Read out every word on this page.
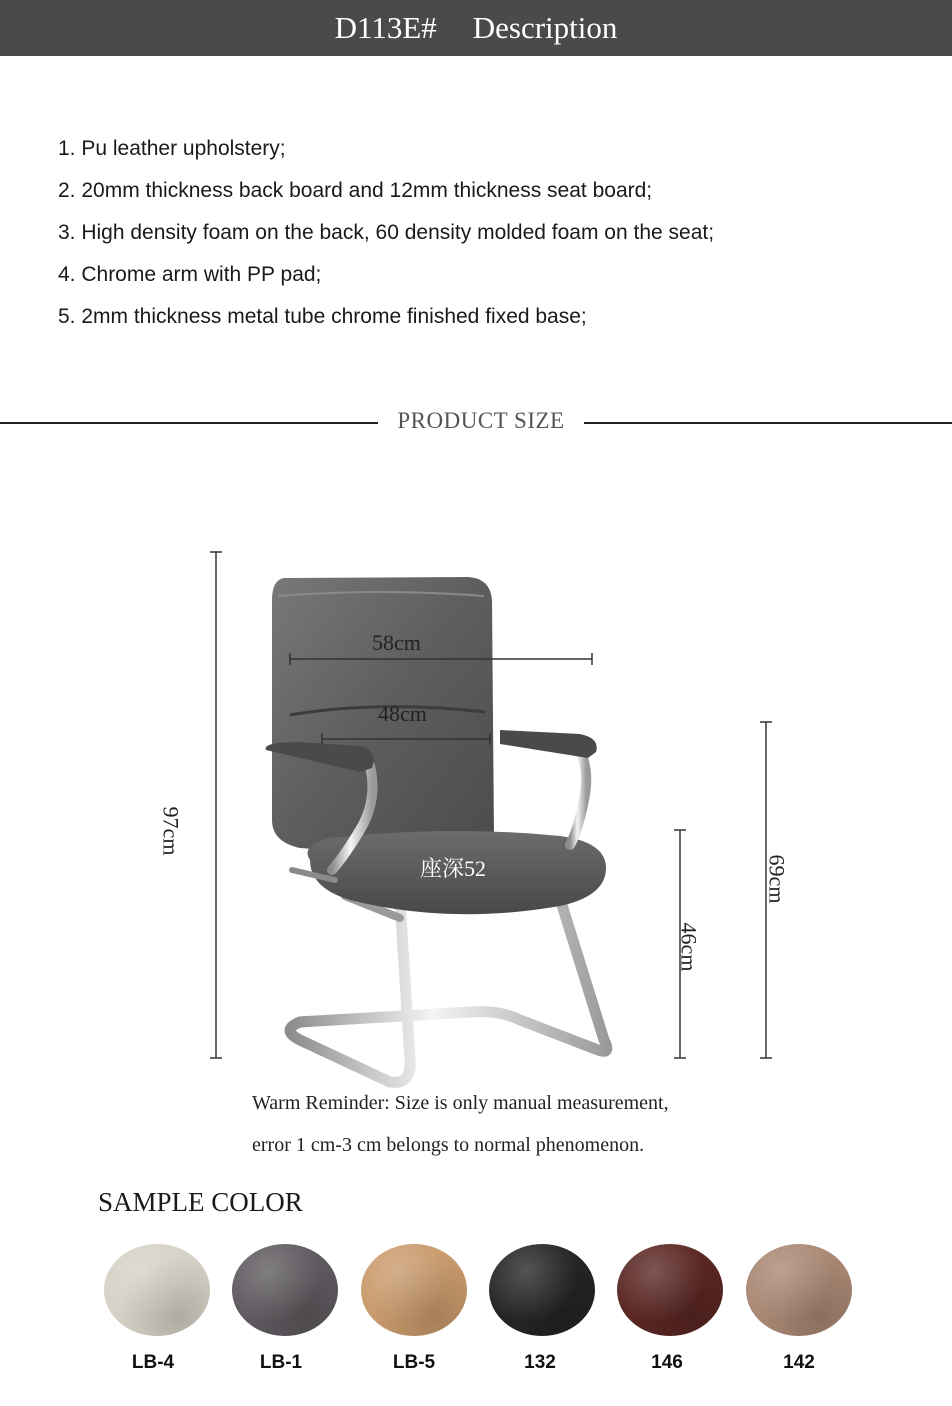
D113E# Description
1. Pu leather upholstery;
2. 20mm thickness back board and 12mm thickness seat board;
3. High density foam on the back, 60 density molded foam on the seat;
4. Chrome arm with PP pad;
5. 2mm thickness metal tube chrome finished fixed base;
PRODUCT SIZE
58cm
48cm
座深52
97cm
46cm
69cm
Warm Reminder: Size is only manual measurement,
error 1 cm-3 cm belongs to normal phenomenon.
SAMPLE COLOR
LB-4	LB-1	LB-5	132	146	142
